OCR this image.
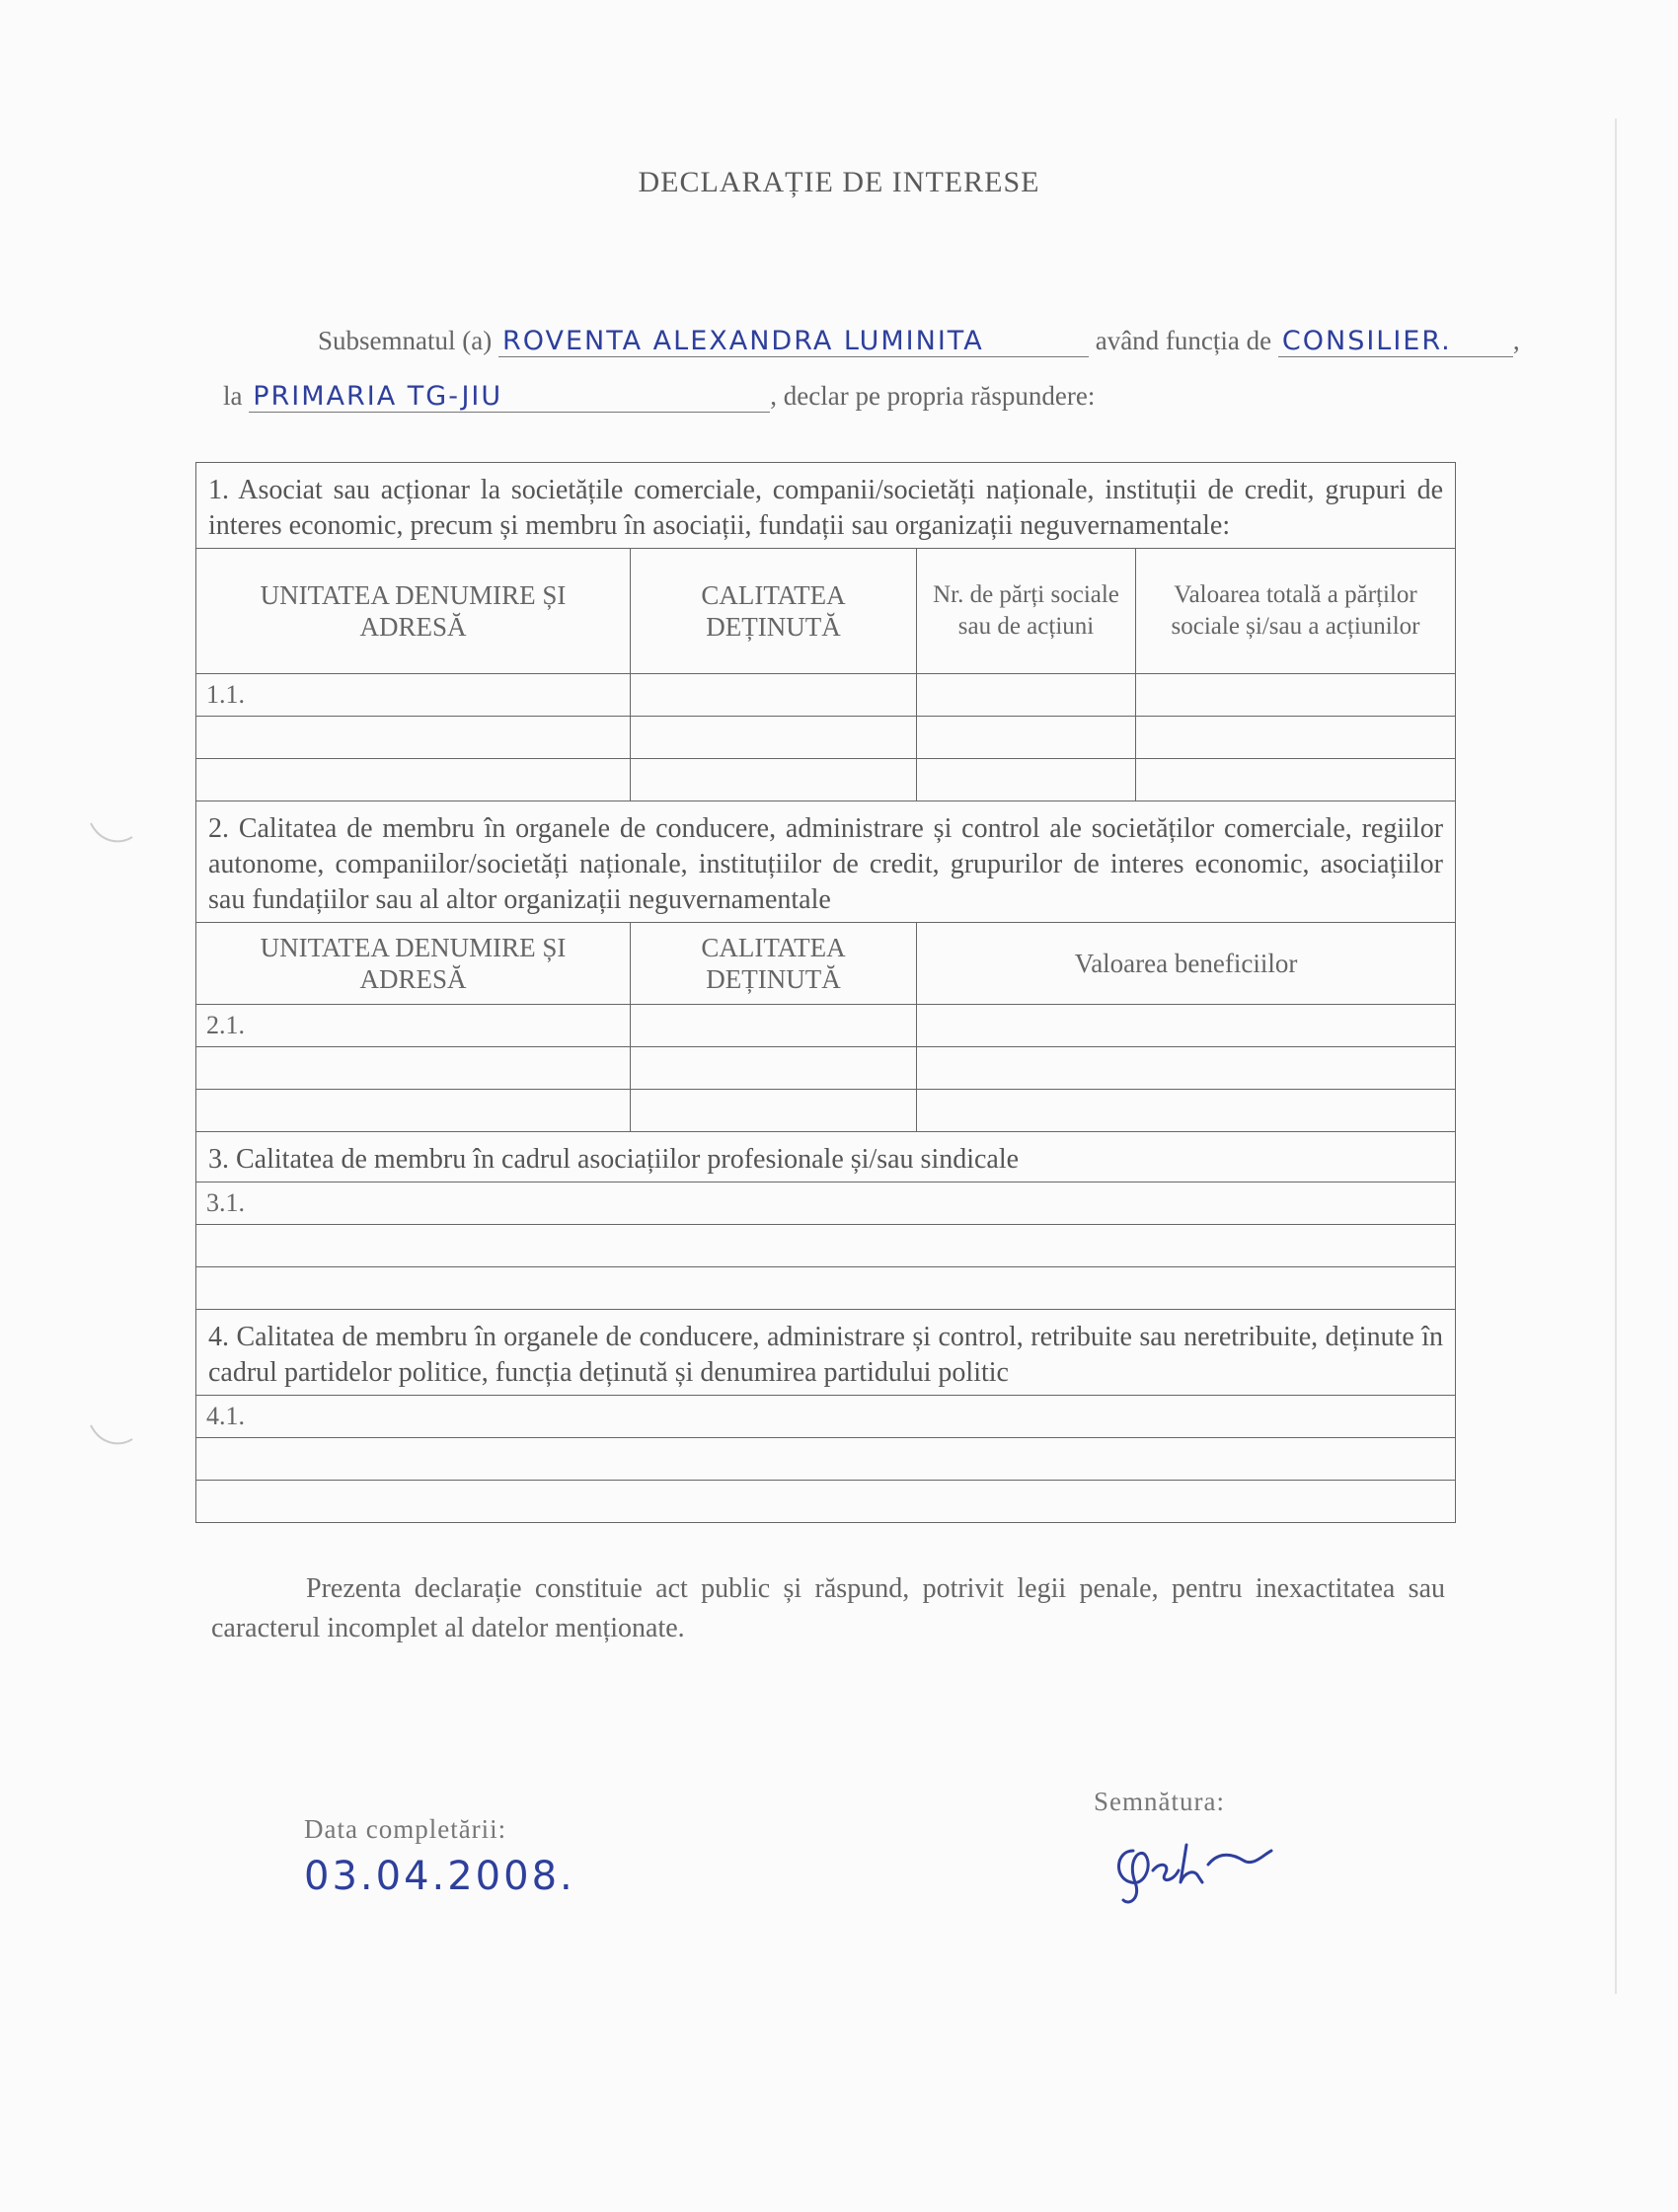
DECLARAȚIE DE INTERESE
Subsemnatul (a) ROVENTA ALEXANDRA LUMINITA	având funcția de CONSILIER. ,
la PRIMARIA TG-JIU	, declar pe propria răspundere:
1. Asociat sau acționar la societățile comerciale, companii/societăți naționale, instituții de credit, grupuri de interes economic, precum și membru în asociații, fundații sau organizații neguvernamentale:			
UNITATEA DENUMIRE ȘI ADRESĂ	CALITATEA DEȚINUTĂ	Nr. de părți sociale sau de acțiuni	Valoarea totală a părților sociale și/sau a acțiunilor
1.1.			

2. Calitatea de membru în organele de conducere, administrare și control ale societăților comerciale, regiilor autonome, companiilor/societăți naționale, instituțiilor de credit, grupurilor de interes economic, asociațiilor sau fundațiilor sau al altor organizații neguvernamentale			
UNITATEA DENUMIRE ȘI ADRESĂ	CALITATEA DEȚINUTĂ	Valoarea beneficiilor	
2.1.			

3. Calitatea de membru în cadrul asociațiilor profesionale și/sau sindicale			
3.1.			

4. Calitatea de membru în organele de conducere, administrare și control, retribuite sau neretribuite, deținute în cadrul partidelor politice, funcția deținută și denumirea partidului politic			
4.1.			

Prezenta declarație constituie act public și răspund, potrivit legii penale, pentru inexactitatea sau caracterul incomplet al datelor menționate.
Data completării:
03.04.2008.
Semnătura:
